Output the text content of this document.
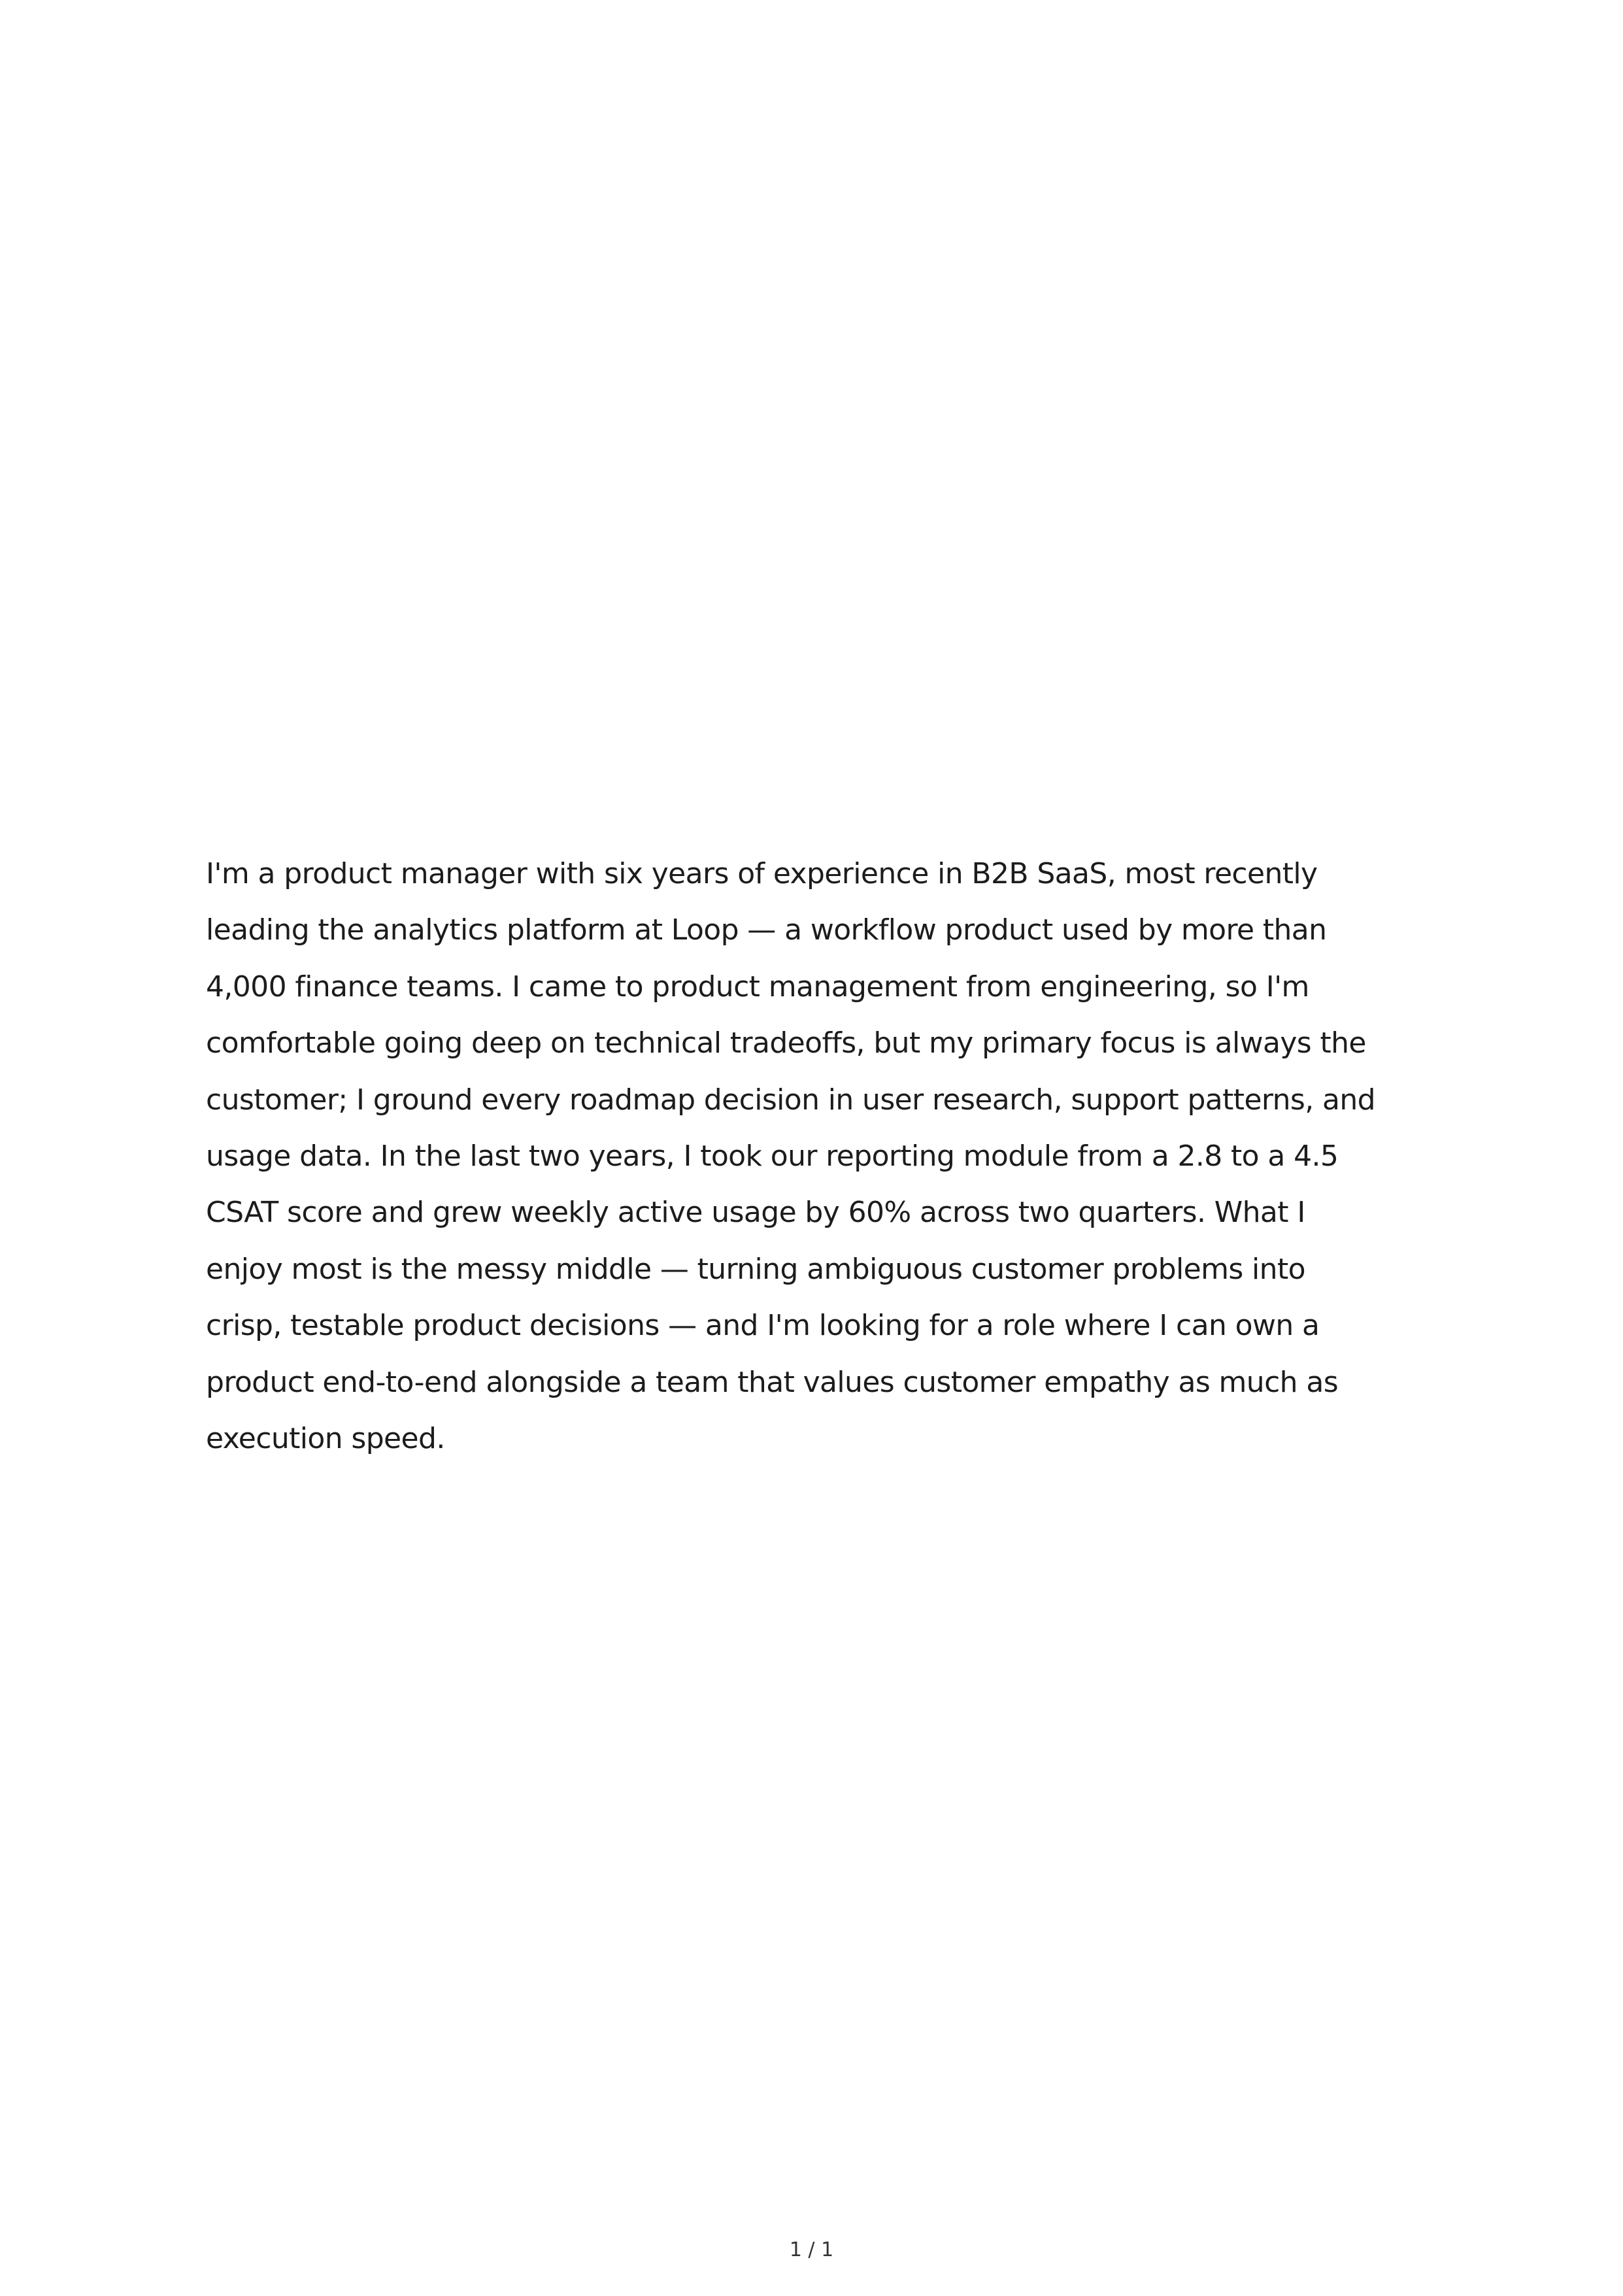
I'm a product manager with six years of experience in B2B SaaS, most recently
leading the analytics platform at Loop — a workflow product used by more than
4,000 finance teams. I came to product management from engineering, so I'm
comfortable going deep on technical tradeoffs, but my primary focus is always the
customer; I ground every roadmap decision in user research, support patterns, and
usage data. In the last two years, I took our reporting module from a 2.8 to a 4.5
CSAT score and grew weekly active usage by 60% across two quarters. What I
enjoy most is the messy middle — turning ambiguous customer problems into
crisp, testable product decisions — and I'm looking for a role where I can own a
product end-to-end alongside a team that values customer empathy as much as
execution speed.

1 / 1
